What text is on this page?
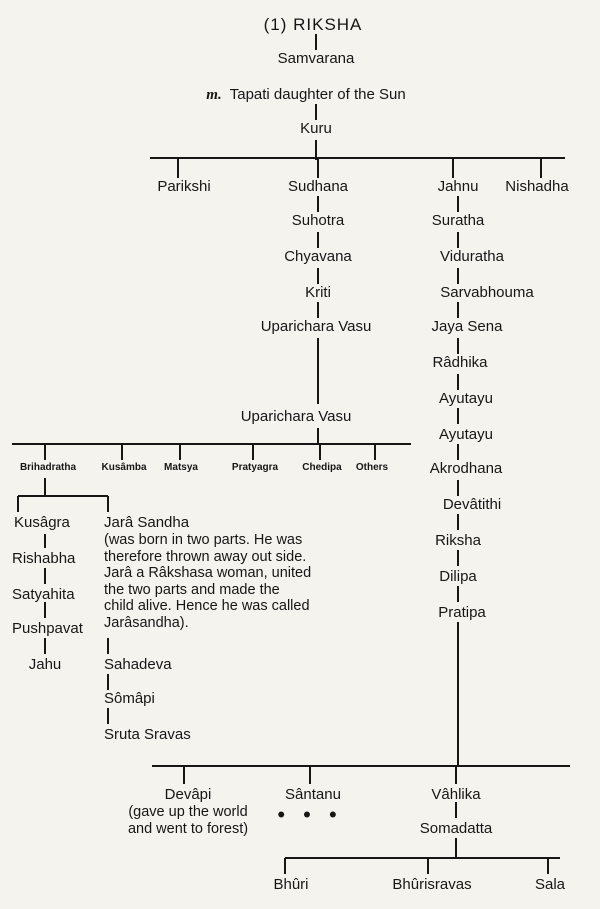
(1) RIKSHA
Samvarana
m. Tapati daughter of the Sun
Kuru
Parikshi	Sudhana	Jahnu Nishadha
Suhotra
Chyavana
Kriti
Uparichara Vasu
Uparichara Vasu
Brihadratha	Kusâmba Matsya	Pratyagra Chedipa Others
Kusâgra
Rishabha
Satyahita
Pushpavat
Jahu
Jarâ Sandha
(was born in two parts. He was
therefore thrown away out side.
Jarâ a Râkshasa woman, united
the two parts and made the
child alive. Hence he was called
Jarâsandha).
Sahadeva
Sômâpi
Sruta Sravas
Suratha
Viduratha
Sarvabhouma
Jaya Sena
Râdhika
Ayutayu
Ayutayu
Akrodhana
Devâtithi
Riksha
Dilipa
Pratipa
Devâpi
(gave up the world
and went to forest)
Sântanu
• • •
Vâhlika
Somadatta
Bhûri	Bhûrisravas	Sala
